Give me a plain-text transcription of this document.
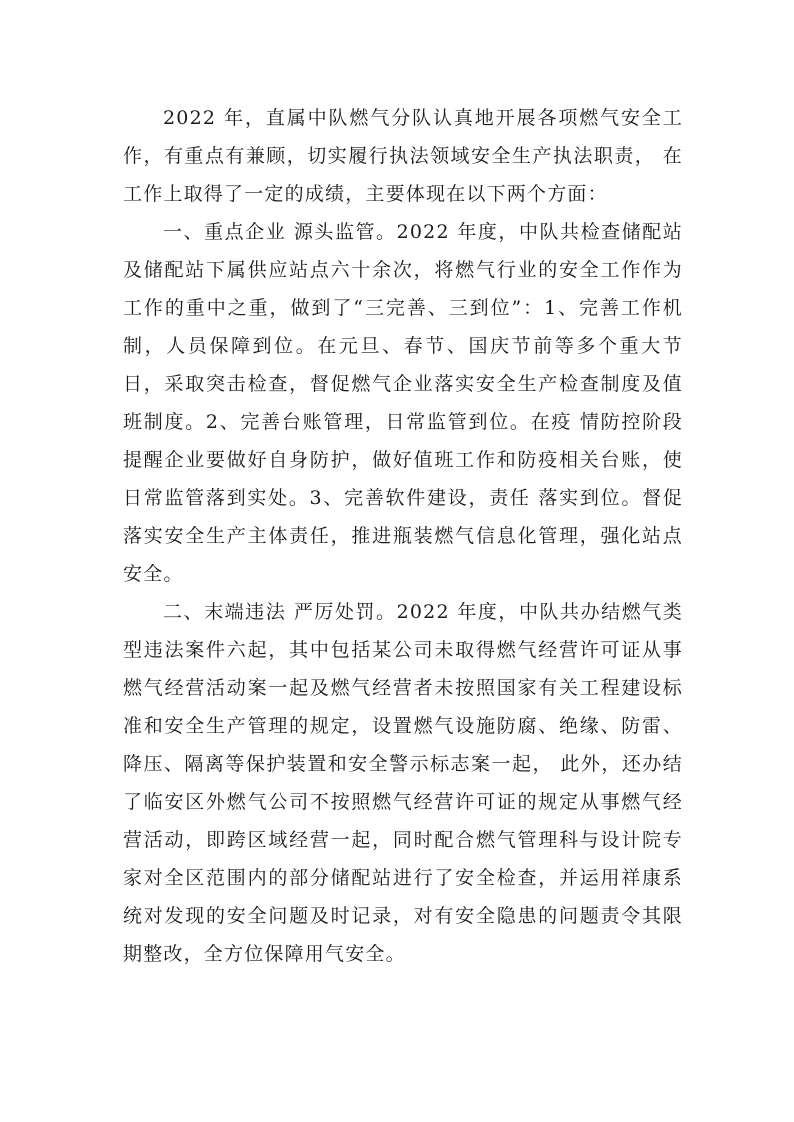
2022 年，直属中队燃气分队认真地开展各项燃气安全工作，有重点有兼顾，切实履行执法领域安全生产执法职责， 在工作上取得了一定的成绩，主要体现在以下两个方面：

一、重点企业 源头监管。2022 年度，中队共检查储配站及储配站下属供应站点六十余次，将燃气行业的安全工作作为工作的重中之重，做到了“三完善、三到位”：1、完善工作机制，人员保障到位。在元旦、春节、国庆节前等多个重大节日，采取突击检查，督促燃气企业落实安全生产检查制度及值班制度。2、完善台账管理，日常监管到位。在疫 情防控阶段提醒企业要做好自身防护，做好值班工作和防疫相关台账，使日常监管落到实处。3、完善软件建设，责任 落实到位。督促落实安全生产主体责任，推进瓶装燃气信息化管理，强化站点安全。

二、末端违法 严厉处罚。2022 年度，中队共办结燃气类型违法案件六起，其中包括某公司未取得燃气经营许可证从事燃气经营活动案一起及燃气经营者未按照国家有关工程建设标准和安全生产管理的规定，设置燃气设施防腐、绝缘、防雷、降压、隔离等保护装置和安全警示标志案一起， 此外，还办结了临安区外燃气公司不按照燃气经营许可证的规定从事燃气经营活动，即跨区域经营一起，同时配合燃气管理科与设计院专家对全区范围内的部分储配站进行了安全检查，并运用祥康系统对发现的安全问题及时记录，对有安全隐患的问题责令其限期整改，全方位保障用气安全。
